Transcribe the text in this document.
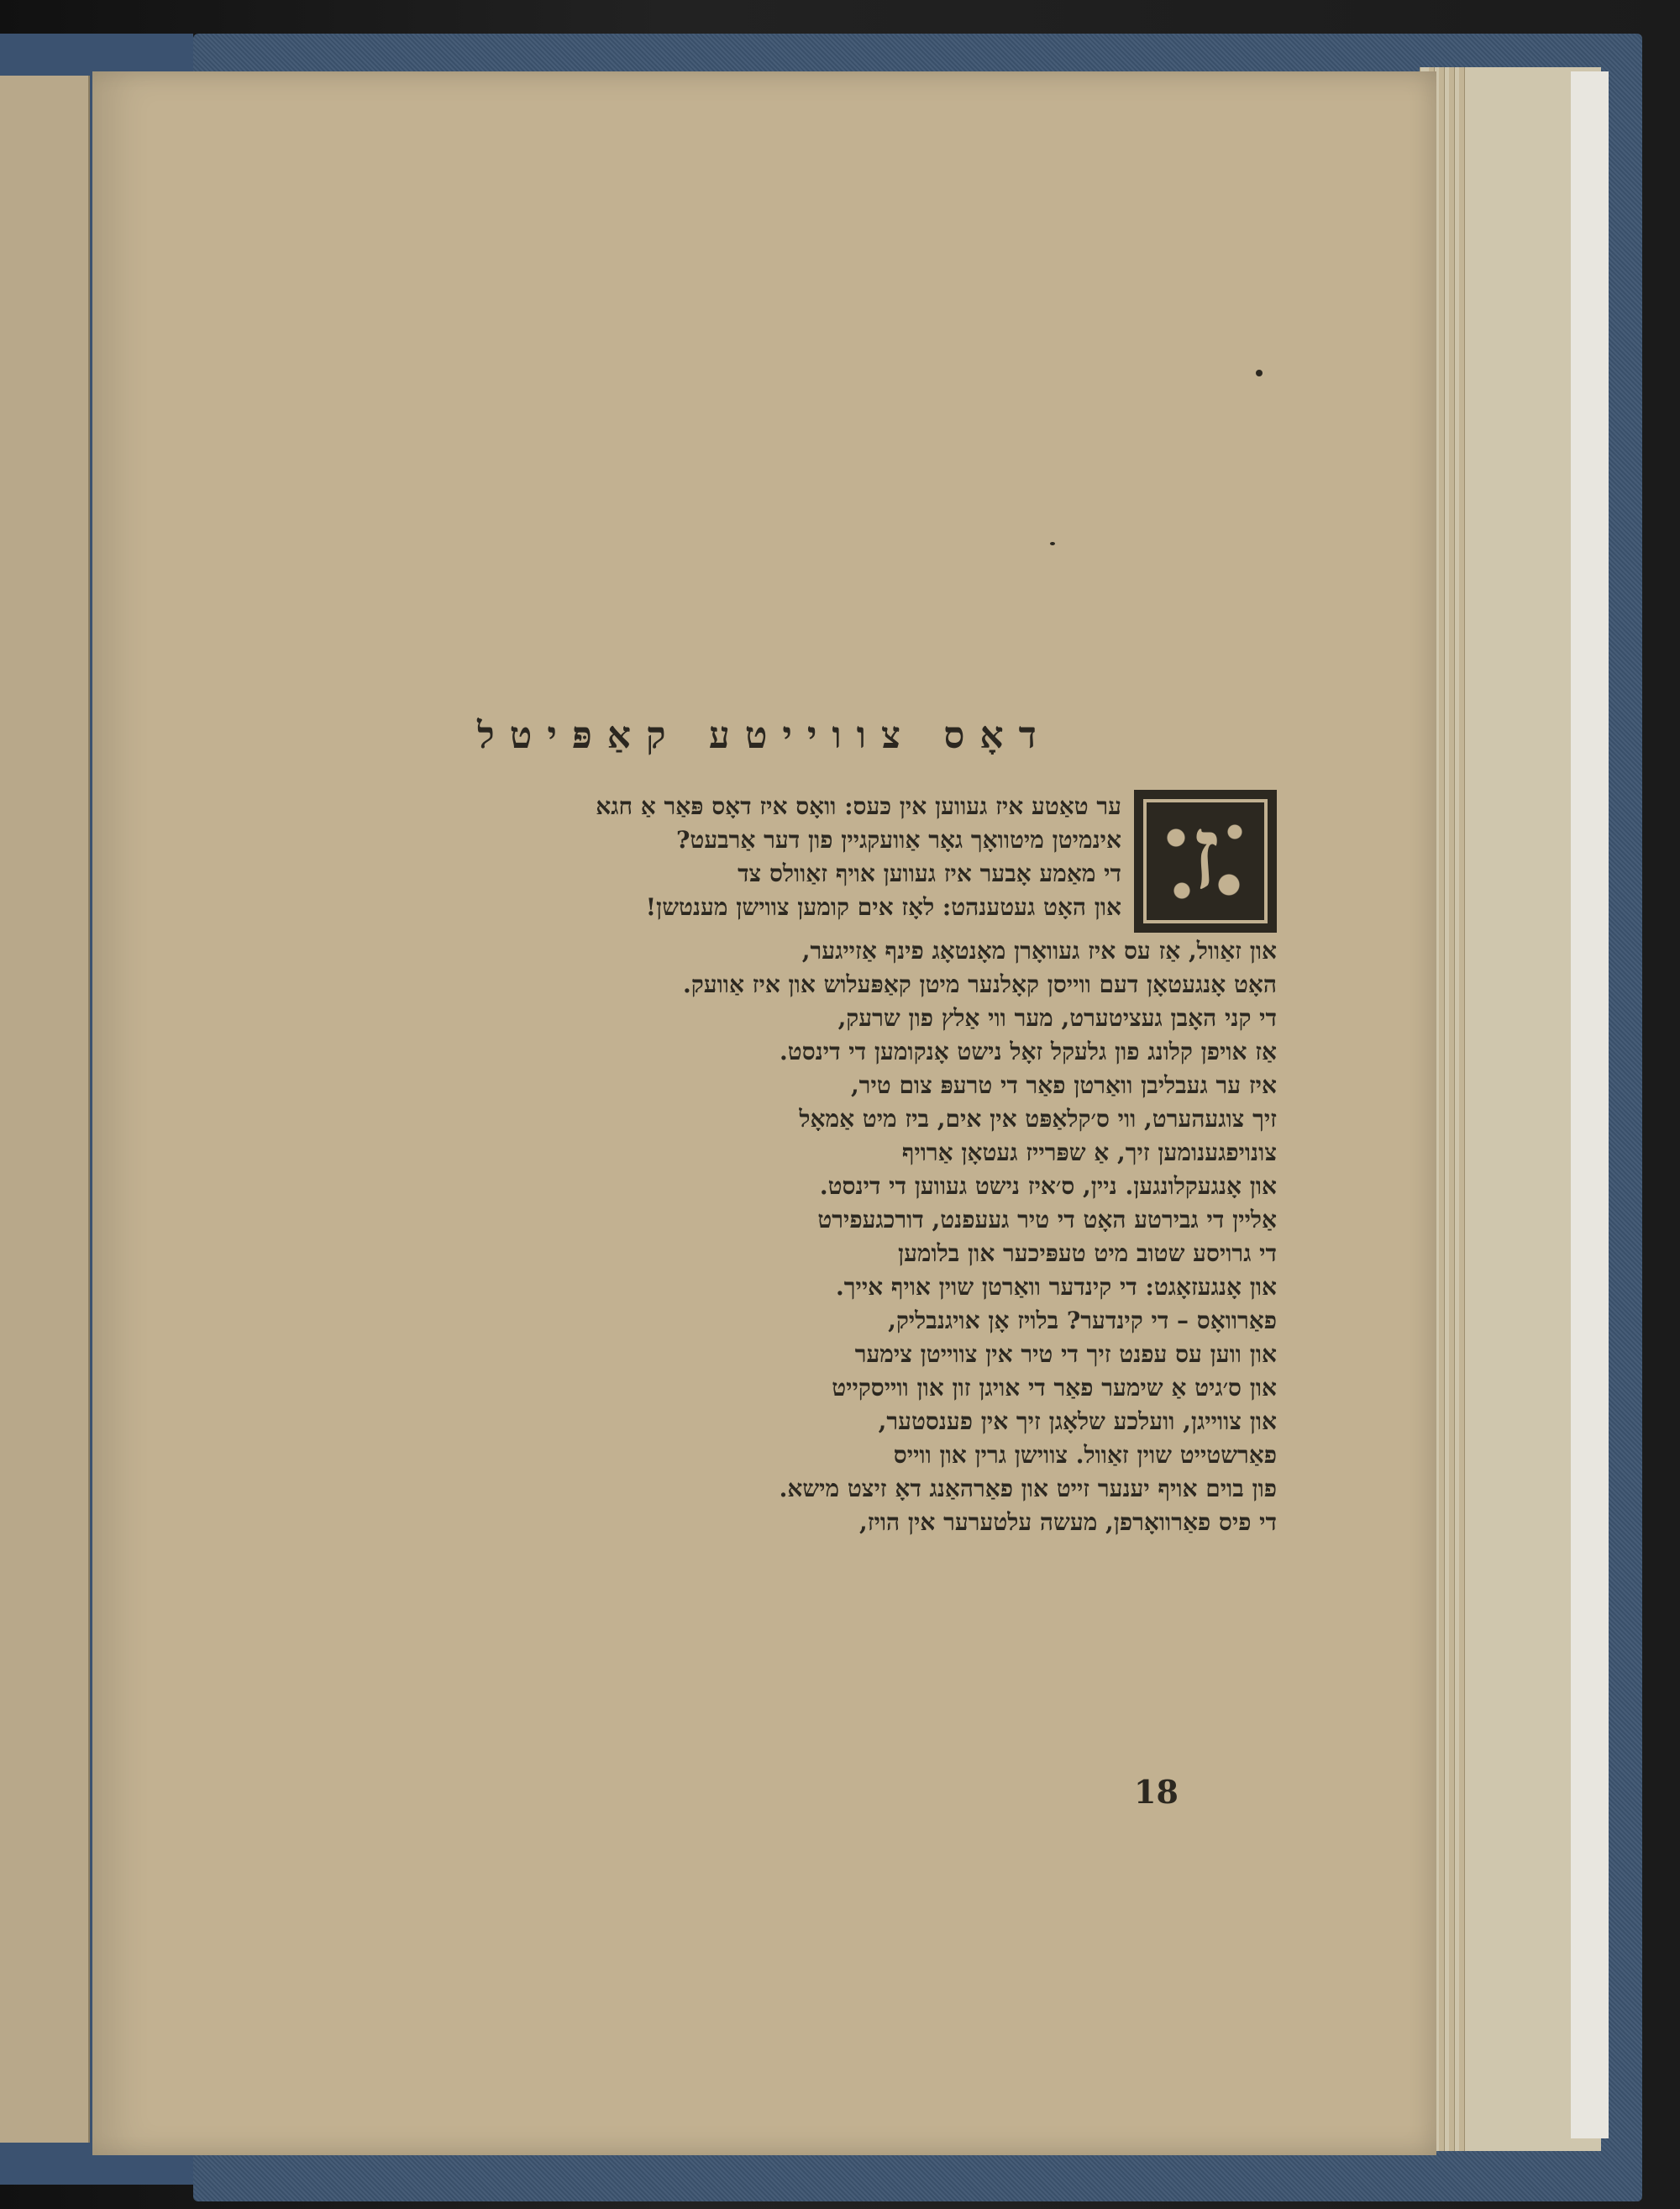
דאָס צווייטע קאַפּיטל
ז
ער טאַטע איז געווען אין כּעס: וואָס איז דאָס פּאַר אַ חגא
אינמיטן מיטוואָך גאָר אַוועקגיין פון דער אַרבעט?
די מאַמע אָבער איז געווען אויף זאַוולס צד
און האָט געטענהט: לאָז אים קומען צווישן מענטשן!
און זאַוול, אַז עס איז געוואָרן מאָנטאָג פינף אַזייגער,
האָט אָנגעטאָן דעם ווייסן קאָלנער מיטן קאַפּעלוש און איז אַוועק.
די קני האָבן געציטערט, מער ווי אַלץ פון שרעק,
אַז אויפן קלונג פון גלעקל זאָל נישט אָנקומען די דינסט.
איז ער געבליבן וואַרטן פאַר די טרעפּ צום טיר,
זיך צוגעהערט, ווי ס׳קלאַפּט אין אים, ביז מיט אַמאָל
צונויפגענומען זיך, אַ שפּרייז געטאָן אַרויף
און אָנגעקלונגען. ניין, ס׳איז נישט געווען די דינסט.
אַליין די גבירטע האָט די טיר געעפנט, דורכגעפירט
די גרויסע שטוב מיט טעפּיכער און בלומען
און אָנגעזאָגט: די קינדער וואַרטן שוין אויף אייך.
פאַרוואָס – די קינדער? בלויז אָן אויגנבליק,
און ווען עס עפנט זיך די טיר אין צווייטן צימער
און ס׳גיט אַ שימער פאַר די אויגן זון און ווייסקייט
און צווייגן, וועלכע שלאָגן זיך אין פענסטער,
פאַרשטייט שוין זאַוול. צווישן גרין און ווייס
פון בוים אויף יענער זייט און פאַרהאַנג דאָ זיצט מישא.
די פיס פאַרוואָרפן, מעשה עלטערער אין הויז,
18
